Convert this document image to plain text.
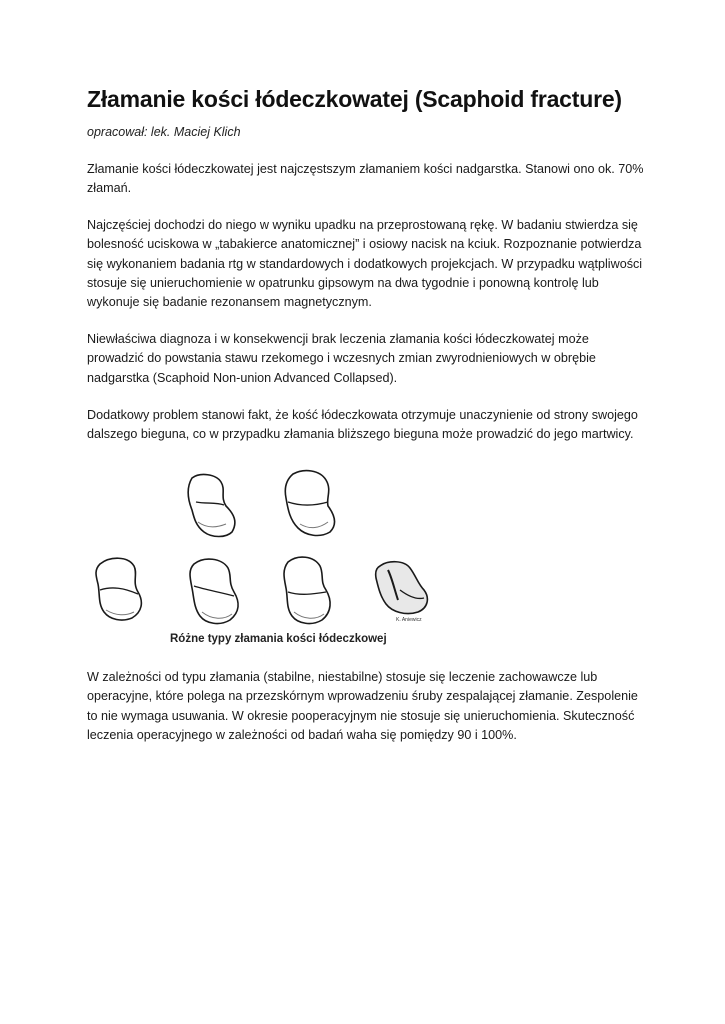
Złamanie kości łódeczkowatej (Scaphoid fracture)
opracował: lek. Maciej Klich
Złamanie kości łódeczkowatej jest najczęstszym złamaniem kości nadgarstka. Stanowi ono ok. 70% złamań.
Najczęściej dochodzi do niego w wyniku upadku na przeprostowaną rękę. W badaniu stwierdza się bolesność uciskowa w „tabakierce anatomicznej” i osiowy nacisk na kciuk. Rozpoznanie potwierdza się wykonaniem badania rtg w standardowych i dodatkowych projekcjach. W przypadku wątpliwości stosuje się unieruchomienie w opatrunku gipsowym na dwa tygodnie i ponowną kontrolę lub wykonuje się badanie rezonansem magnetycznym.
Niewłaściwa diagnoza i w konsekwencji brak leczenia złamania kości łódeczkowatej może prowadzić do powstania stawu rzekomego i wczesnych zmian zwyrodnieniowych w obrębie nadgarstka (Scaphoid Non-union Advanced Collapsed).
Dodatkowy problem stanowi fakt, że kość łódeczkowata otrzymuje unaczynienie od strony swojego dalszego bieguna, co w przypadku złamania bliższego bieguna może prowadzić do jego martwicy.
Różne typy złamania kości łódeczkowej
K. Aniewicz
W zależności od typu złamania (stabilne, niestabilne) stosuje się leczenie zachowawcze lub operacyjne, które polega na przezskórnym wprowadzeniu śruby zespalającej złamanie. Zespolenie to nie wymaga usuwania. W okresie pooperacyjnym nie stosuje się unieruchomienia. Skuteczność leczenia operacyjnego w zależności od badań waha się pomiędzy 90 i 100%.
